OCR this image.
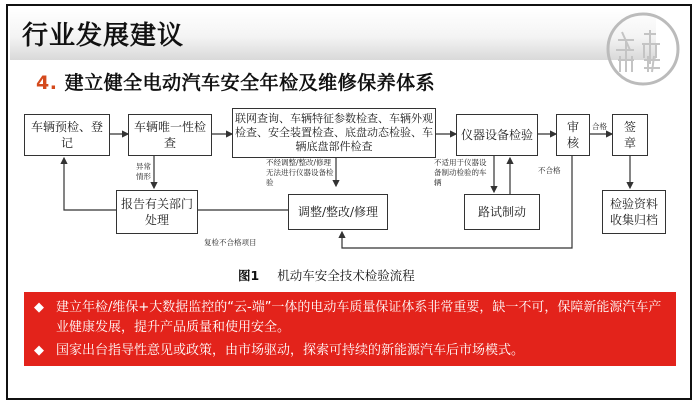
行业发展建议
4. 建立健全电动汽车安全年检及维修保养体系
车辆预检、登记
车辆唯一性检查
联网查询、车辆特征参数检查、车辆外观检查、安全装置检查、底盘动态检验、车辆底盘部件检查
仪器设备检验
审核
签章
报告有关部门处理
调整/整改/修理	路试制动
检验资料收集归档
异常情形
不经调整/整改/修理无法进行仪器设备检验
不适用于仪器设备制动检验的车辆
合格
不合格
复检不合格项目
图1 机动车安全技术检验流程
◆ 建立年检/维保+大数据监控的“云-端”一体的电动车质量保证体系非常重要，缺一不可，保障新能源汽车产业健康发展，提升产品质量和使用安全。
◆ 国家出台指导性意见或政策，由市场驱动，探索可持续的新能源汽车后市场模式。
